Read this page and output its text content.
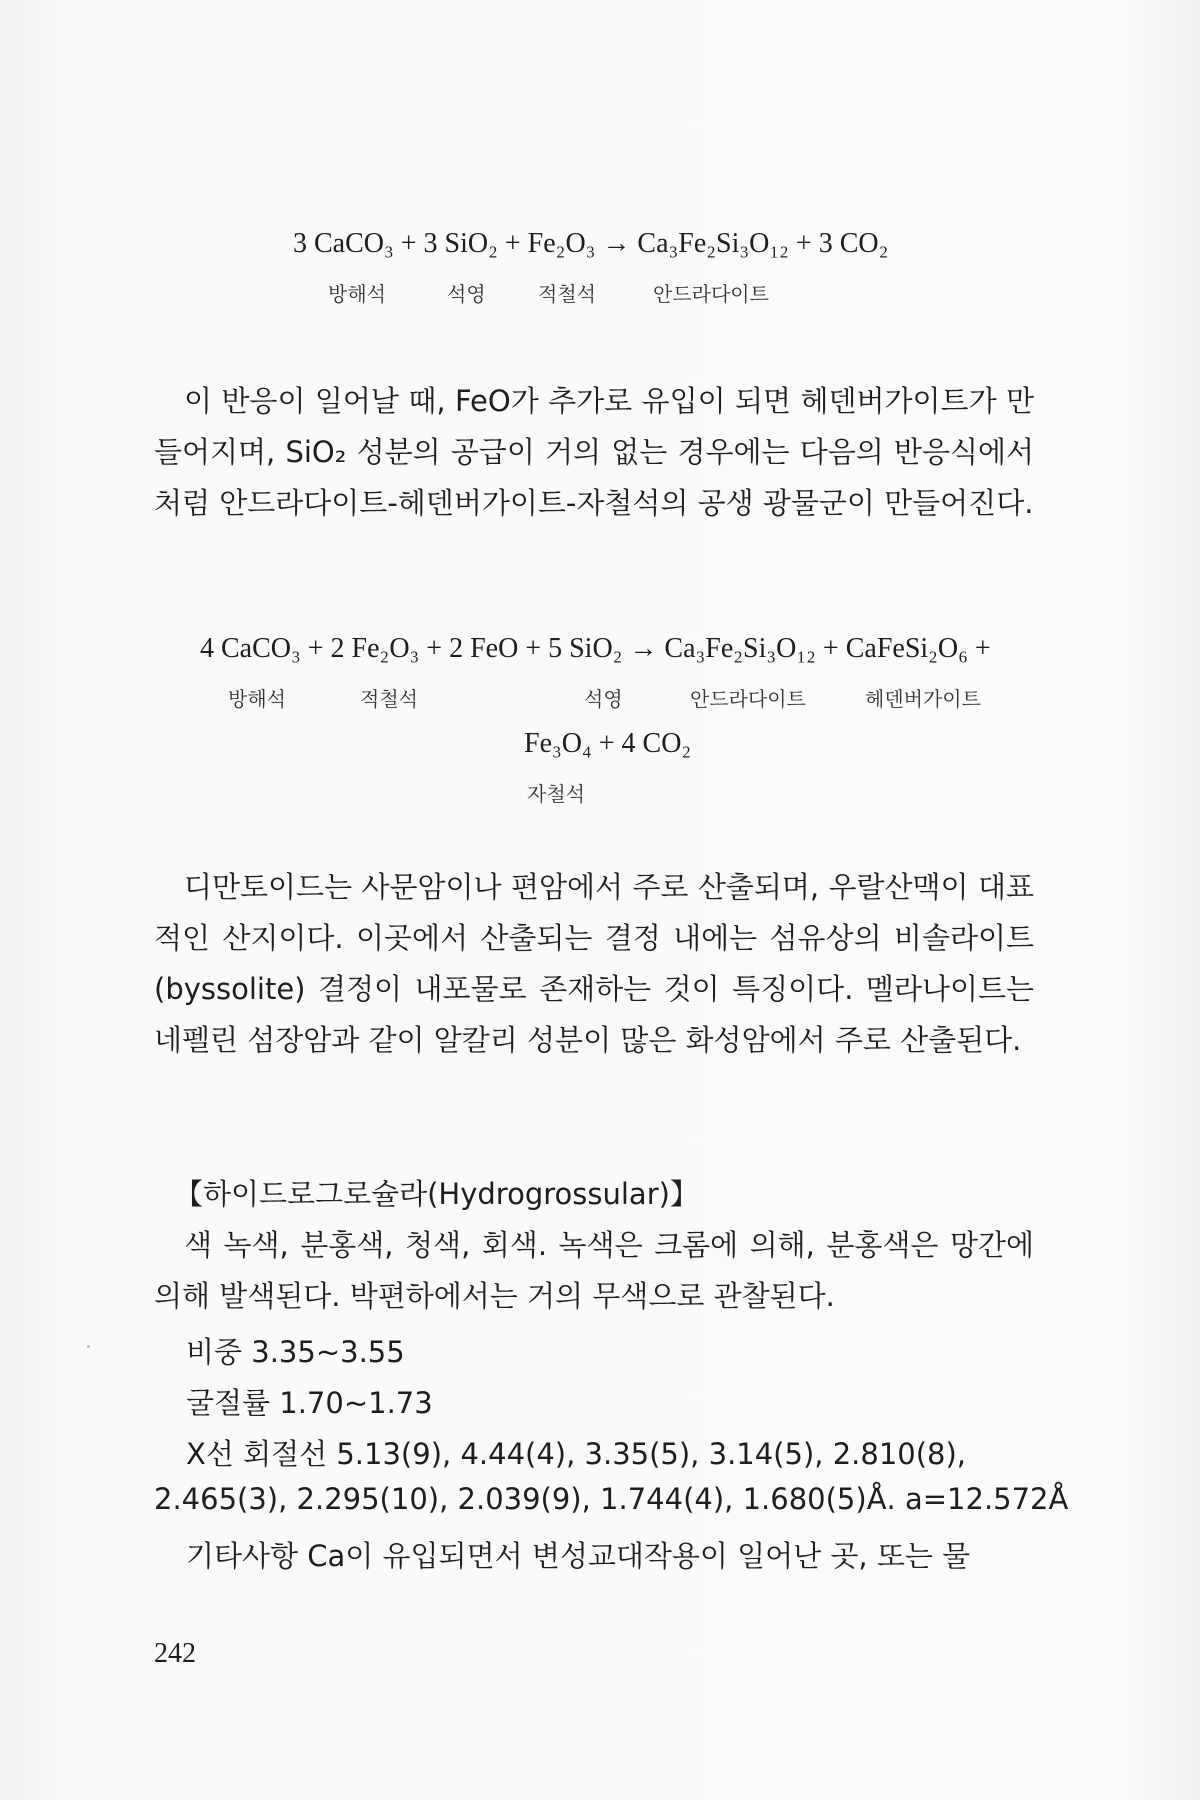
3 CaCO₃ + 3 SiO₂ + Fe₂O₃ → Ca₃Fe₂Si₃O₁₂ + 3 CO₂
방해석	석영	적철석	안드라다이트
이 반응이 일어날 때, FeO가 추가로 유입이 되면 헤덴버가이트가 만들어지며, SiO₂ 성분의 공급이 거의 없는 경우에는 다음의 반응식에서처럼 안드라다이트-헤덴버가이트-자철석의 공생 광물군이 만들어진다.
4 CaCO₃ + 2 Fe₂O₃ + 2 FeO + 5 SiO₂ → Ca₃Fe₂Si₃O₁₂ + CaFeSi₂O₆ +
방해석	적철석	석영	안드라다이트	헤덴버가이트
Fe₃O₄ + 4 CO₂
자철석
디만토이드는 사문암이나 편암에서 주로 산출되며, 우랄산맥이 대표적인 산지이다. 이곳에서 산출되는 결정 내에는 섬유상의 비솔라이트(byssolite) 결정이 내포물로 존재하는 것이 특징이다. 멜라나이트는 네펠린 섬장암과 같이 알칼리 성분이 많은 화성암에서 주로 산출된다.
【하이드로그로슐라(Hydrogrossular)】
색 녹색, 분홍색, 청색, 회색. 녹색은 크롬에 의해, 분홍색은 망간에 의해 발색된다. 박편하에서는 거의 무색으로 관찰된다.
비중 3.35~3.55
굴절률 1.70~1.73
X선 회절선 5.13(9), 4.44(4), 3.35(5), 3.14(5), 2.810(8),
2.465(3), 2.295(10), 2.039(9), 1.744(4), 1.680(5)Å. a=12.572Å
기타사항 Ca이 유입되면서 변성교대작용이 일어난 곳, 또는 물
242
